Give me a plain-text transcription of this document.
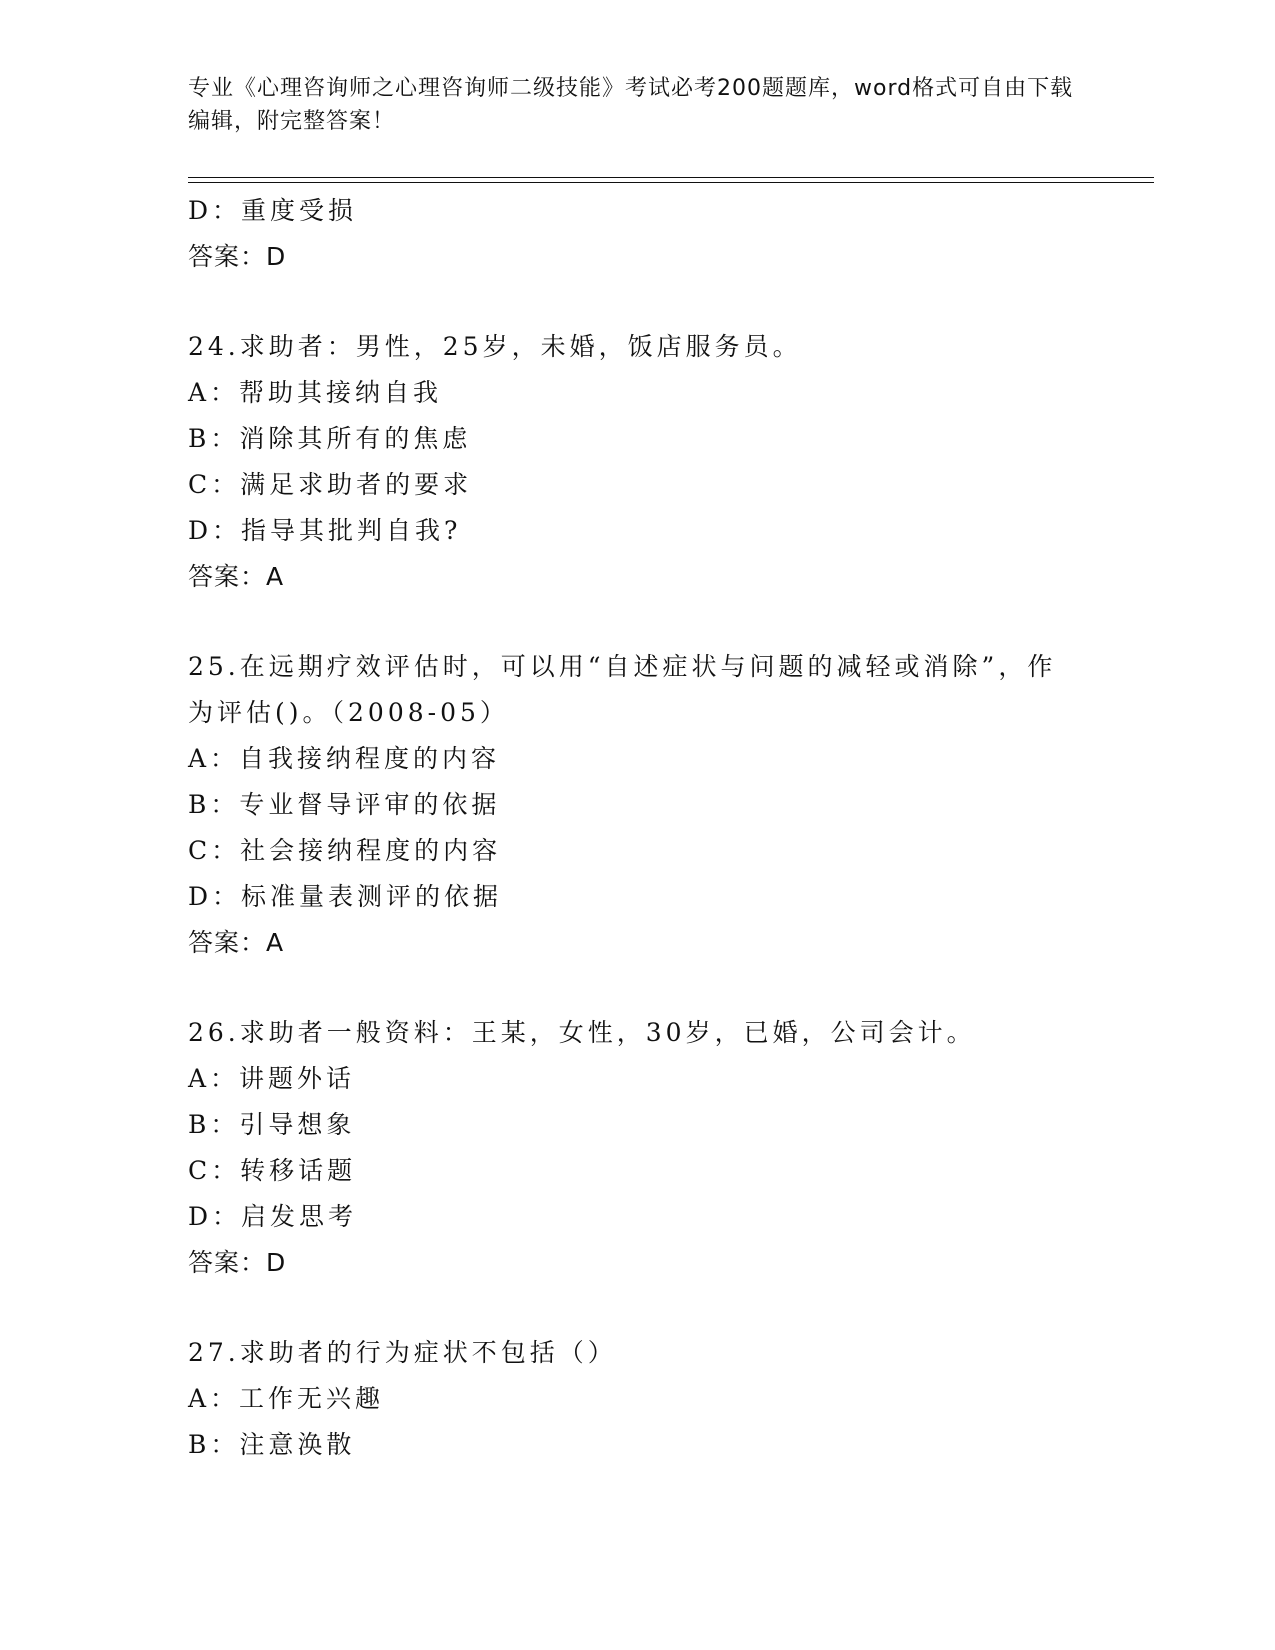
专业《心理咨询师之心理咨询师二级技能》考试必考200题题库，word格式可自由下载编辑，附完整答案！
D：重度受损
答案：D
24.求助者：男性，25岁，未婚，饭店服务员。
A：帮助其接纳自我
B：消除其所有的焦虑
C：满足求助者的要求
D：指导其批判自我?
答案：A
25.在远期疗效评估时，可以用“自述症状与问题的减轻或消除”，作为评估()。（2008-05）
A：自我接纳程度的内容
B：专业督导评审的依据
C：社会接纳程度的内容
D：标准量表测评的依据
答案：A
26.求助者一般资料：王某，女性，30岁，已婚，公司会计。
A：讲题外话
B：引导想象
C：转移话题
D：启发思考
答案：D
27.求助者的行为症状不包括（）
A：工作无兴趣
B：注意涣散
